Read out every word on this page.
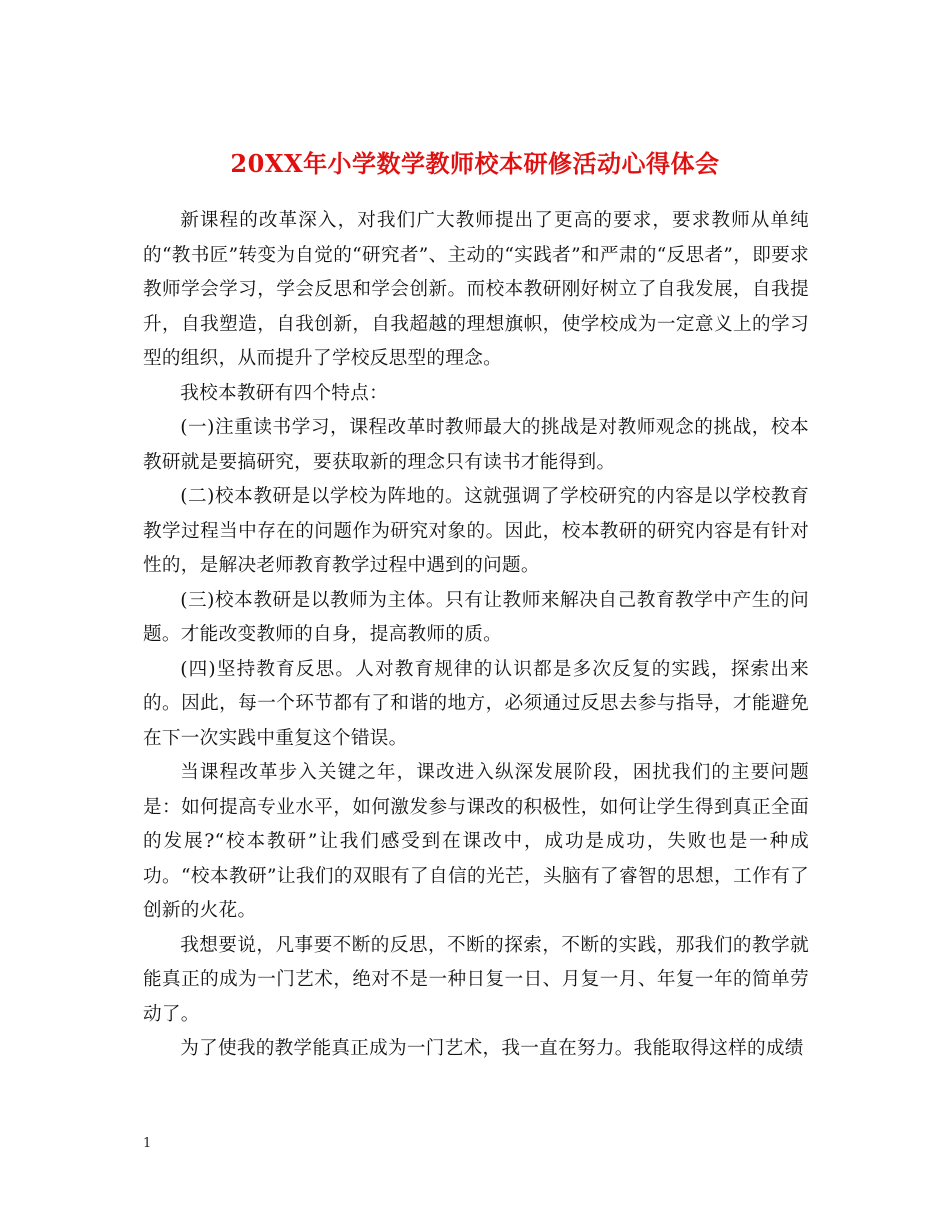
20XX年小学数学教师校本研修活动心得体会

新课程的改革深入，对我们广大教师提出了更高的要求，要求教师从单纯的“教书匠”转变为自觉的“研究者”、主动的“实践者”和严肃的“反思者”，即要求教师学会学习，学会反思和学会创新。而校本教研刚好树立了自我发展，自我提升，自我塑造，自我创新，自我超越的理想旗帜，使学校成为一定意义上的学习型的组织，从而提升了学校反思型的理念。

我校本教研有四个特点：

(一)注重读书学习，课程改革时教师最大的挑战是对教师观念的挑战，校本教研就是要搞研究，要获取新的理念只有读书才能得到。

(二)校本教研是以学校为阵地的。这就强调了学校研究的内容是以学校教育教学过程当中存在的问题作为研究对象的。因此，校本教研的研究内容是有针对性的，是解决老师教育教学过程中遇到的问题。

(三)校本教研是以教师为主体。只有让教师来解决自己教育教学中产生的问题。才能改变教师的自身，提高教师的质。

(四)坚持教育反思。人对教育规律的认识都是多次反复的实践，探索出来的。因此，每一个环节都有了和谐的地方，必须通过反思去参与指导，才能避免在下一次实践中重复这个错误。

当课程改革步入关键之年，课改进入纵深发展阶段，困扰我们的主要问题是：如何提高专业水平，如何激发参与课改的积极性，如何让学生得到真正全面的发展?“校本教研”让我们感受到在课改中，成功是成功，失败也是一种成功。“校本教研”让我们的双眼有了自信的光芒，头脑有了睿智的思想，工作有了创新的火花。

我想要说，凡事要不断的反思，不断的探索，不断的实践，那我们的教学就能真正的成为一门艺术，绝对不是一种日复一日、月复一月、年复一年的简单劳动了。

为了使我的教学能真正成为一门艺术，我一直在努力。我能取得这样的成绩

1
